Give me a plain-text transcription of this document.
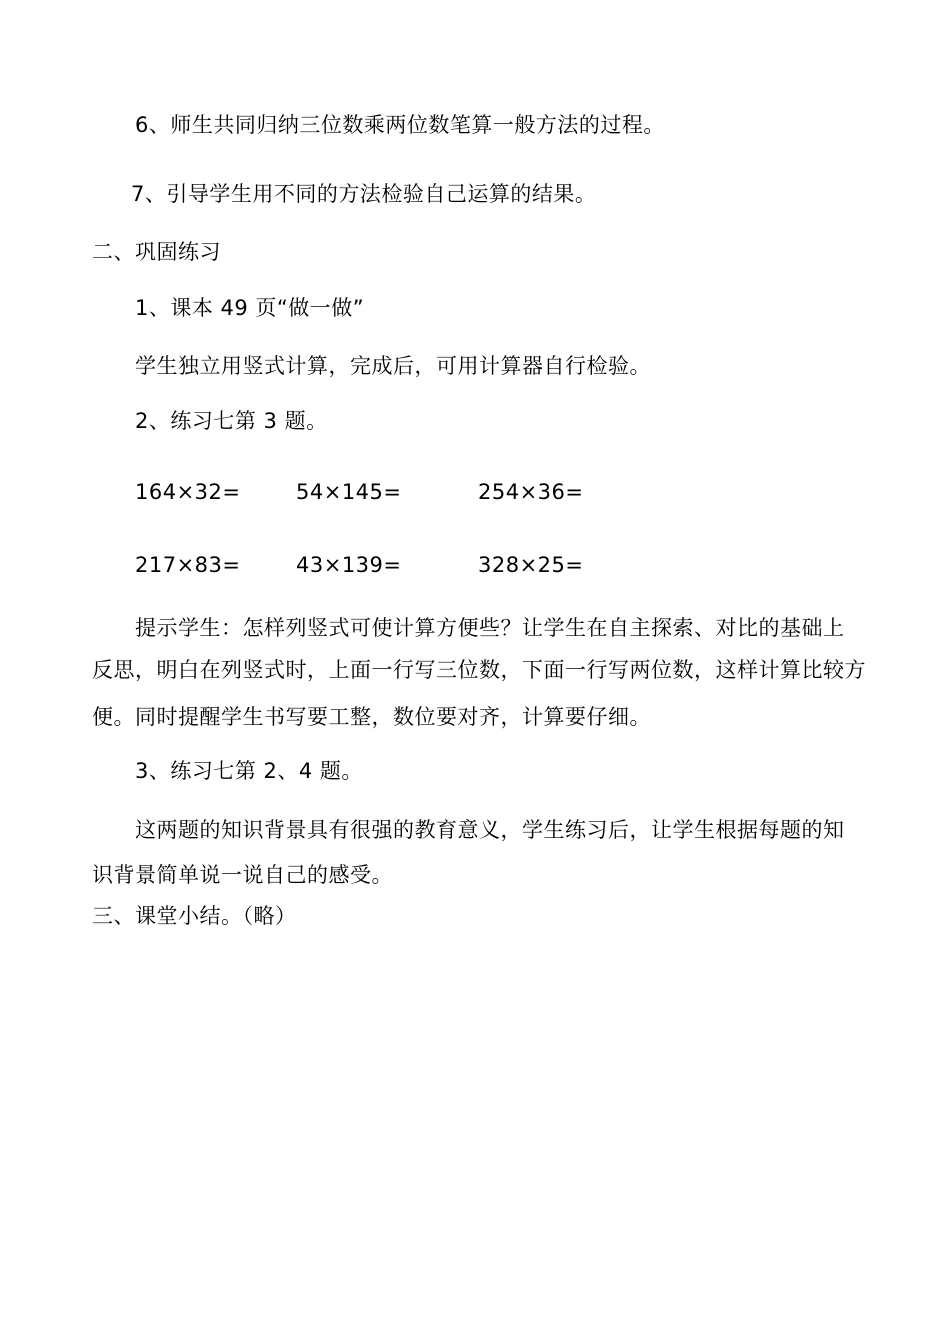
6、师生共同归纳三位数乘两位数笔算一般方法的过程。
7、引导学生用不同的方法检验自己运算的结果。
二、巩固练习
1、课本 49 页“做一做”
学生独立用竖式计算，完成后，可用计算器自行检验。
2、练习七第 3 题。
164×32=	54×145=	254×36=
217×83=	43×139=	328×25=
提示学生：怎样列竖式可使计算方便些？让学生在自主探索、对比的基础上
反思，明白在列竖式时，上面一行写三位数，下面一行写两位数，这样计算比较方
便。同时提醒学生书写要工整，数位要对齐，计算要仔细。
3、练习七第 2、4 题。
这两题的知识背景具有很强的教育意义，学生练习后，让学生根据每题的知
识背景简单说一说自己的感受。
三、课堂小结。（略）
